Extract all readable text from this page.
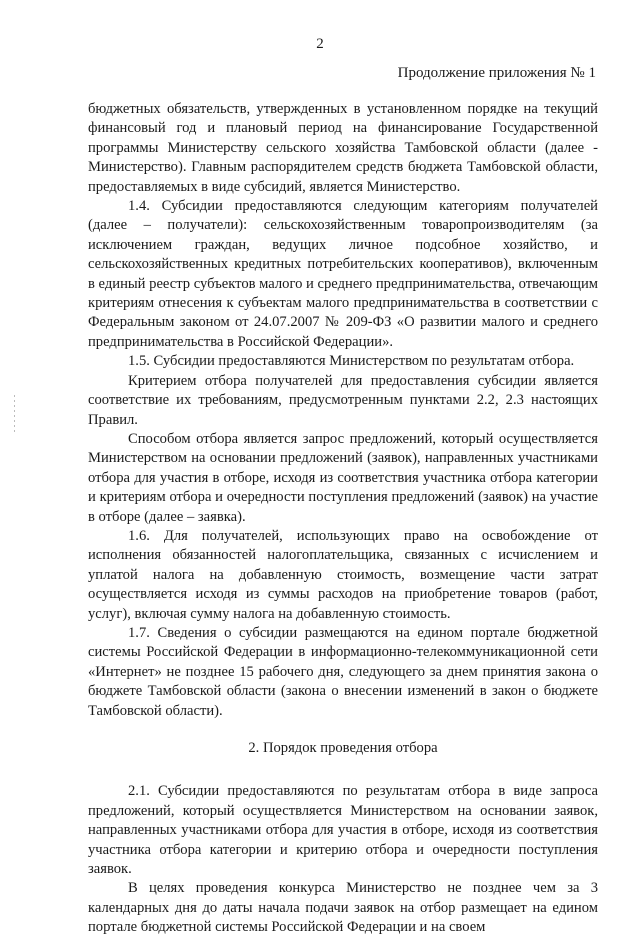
2
Продолжение приложения № 1

бюджетных обязательств, утвержденных в установленном порядке на текущий финансовый год и плановый период на финансирование Государственной программы Министерству сельского хозяйства Тамбовской области (далее - Министерство). Главным распорядителем средств бюджета Тамбовской области, предоставляемых в виде субсидий, является Министерство.

1.4. Субсидии предоставляются следующим категориям получателей (далее – получатели): сельскохозяйственным товаропроизводителям (за исключением граждан, ведущих личное подсобное хозяйство, и сельскохозяйственных кредитных потребительских кооперативов), включенным в единый реестр субъектов малого и среднего предпринимательства, отвечающим критериям отнесения к субъектам малого предпринимательства в соответствии с Федеральным законом от 24.07.2007 № 209-ФЗ «О развитии малого и среднего предпринимательства в Российской Федерации».

1.5. Субсидии предоставляются Министерством по результатам отбора.

Критерием отбора получателей для предоставления субсидии является соответствие их требованиям, предусмотренным пунктами 2.2, 2.3 настоящих Правил.

Способом отбора является запрос предложений, который осуществляется Министерством на основании предложений (заявок), направленных участниками отбора для участия в отборе, исходя из соответствия участника отбора категории и критериям отбора и очередности поступления предложений (заявок) на участие в отборе (далее – заявка).

1.6. Для получателей, использующих право на освобождение от исполнения обязанностей налогоплательщика, связанных с исчислением и уплатой налога на добавленную стоимость, возмещение части затрат осуществляется исходя из суммы расходов на приобретение товаров (работ, услуг), включая сумму налога на добавленную стоимость.

1.7. Сведения о субсидии размещаются на едином портале бюджетной системы Российской Федерации в информационно-телекоммуникационной сети «Интернет» не позднее 15 рабочего дня, следующего за днем принятия закона о бюджете Тамбовской области (закона о внесении изменений в закон о бюджете Тамбовской области).

2. Порядок проведения отбора

2.1. Субсидии предоставляются по результатам отбора в виде запроса предложений, который осуществляется Министерством на основании заявок, направленных участниками отбора для участия в отборе, исходя из соответствия участника отбора категории и критерию отбора и очередности поступления заявок.

В целях проведения конкурса Министерство не позднее чем за 3 календарных дня до даты начала подачи заявок на отбор размещает на едином портале бюджетной системы Российской Федерации и на своем
